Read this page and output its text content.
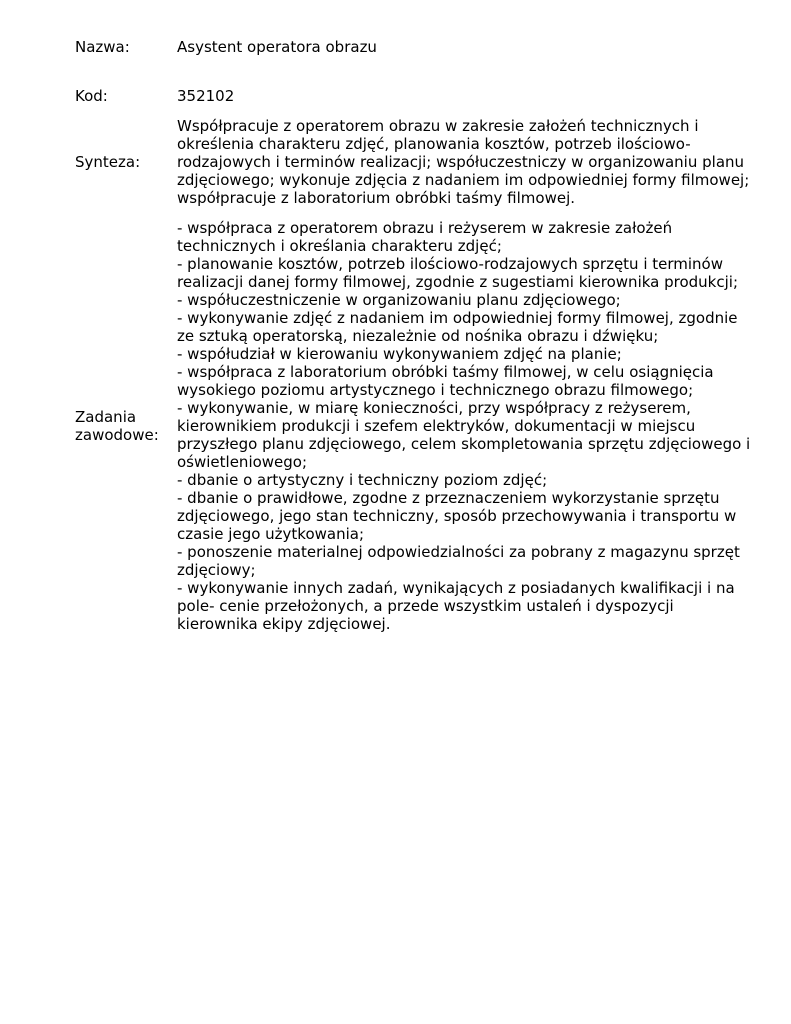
Nazwa:	Asystent operatora obrazu
Kod:	352102
Synteza:
Współpracuje z operatorem obrazu w zakresie założeń technicznych i określenia charakteru zdjęć, planowania kosztów, potrzeb ilościowo-rodzajowych i terminów realizacji; współuczestniczy w organizowaniu planu zdjęciowego; wykonuje zdjęcia z nadaniem im odpowiedniej formy filmowej; współpracuje z laboratorium obróbki taśmy filmowej.
Zadania zawodowe:
- współpraca z operatorem obrazu i reżyserem w zakresie założeń technicznych i określania charakteru zdjęć;
- planowanie kosztów, potrzeb ilościowo-rodzajowych sprzętu i terminów realizacji danej formy filmowej, zgodnie z sugestiami kierownika produkcji;
- współuczestniczenie w organizowaniu planu zdjęciowego;
- wykonywanie zdjęć z nadaniem im odpowiedniej formy filmowej, zgodnie ze sztuką operatorską, niezależnie od nośnika obrazu i dźwięku;
- współudział w kierowaniu wykonywaniem zdjęć na planie;
- współpraca z laboratorium obróbki taśmy filmowej, w celu osiągnięcia wysokiego poziomu artystycznego i technicznego obrazu filmowego;
- wykonywanie, w miarę konieczności, przy współpracy z reżyserem, kierownikiem produkcji i szefem elektryków, dokumentacji w miejscu przyszłego planu zdjęciowego, celem skompletowania sprzętu zdjęciowego i oświetleniowego;
- dbanie o artystyczny i techniczny poziom zdjęć;
- dbanie o prawidłowe, zgodne z przeznaczeniem wykorzystanie sprzętu zdjęciowego, jego stan techniczny, sposób przechowywania i transportu w czasie jego użytkowania;
- ponoszenie materialnej odpowiedzialności za pobrany z magazynu sprzęt zdjęciowy;
- wykonywanie innych zadań, wynikających z posiadanych kwalifikacji i na pole- cenie przełożonych, a przede wszystkim ustaleń i dyspozycji kierownika ekipy zdjęciowej.
